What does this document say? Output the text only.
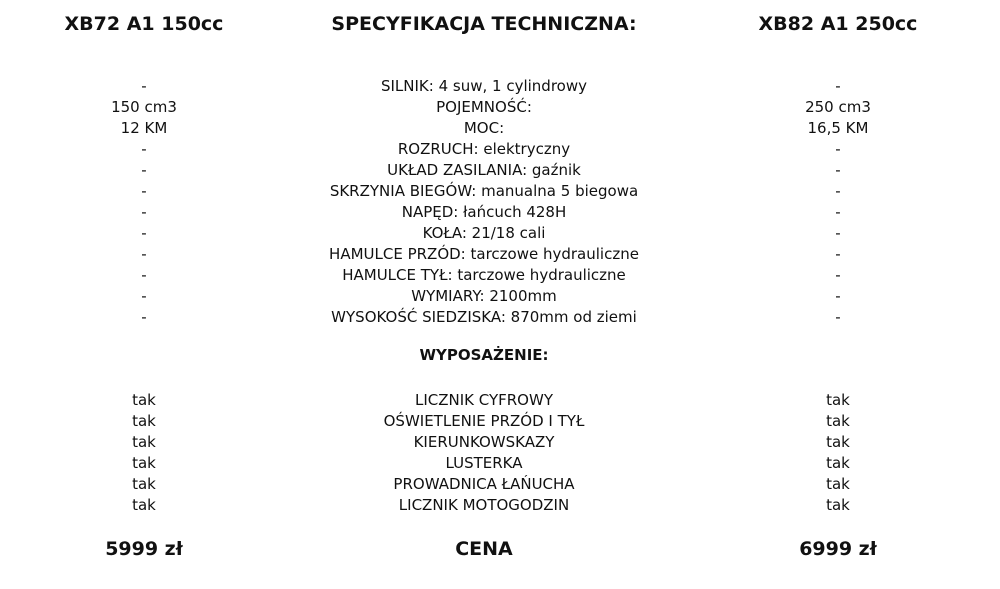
XB72 A1 150cc	SPECYFIKACJA TECHNICZNA:	XB82 A1 250cc
-	SILNIK: 4 suw, 1 cylindrowy	-
150 cm3	POJEMNOŚĆ:	250 cm3
12 KM	MOC:	16,5 KM
-	ROZRUCH: elektryczny	-
-	UKŁAD ZASILANIA: gaźnik	-
-	SKRZYNIA BIEGÓW: manualna 5 biegowa	-
-	NAPĘD: łańcuch 428H	-
-	KOŁA: 21/18 cali	-
-	HAMULCE PRZÓD: tarczowe hydrauliczne	-
-	HAMULCE TYŁ: tarczowe hydrauliczne	-
-	WYMIARY: 2100mm	-
-	WYSOKOŚĆ SIEDZISKA: 870mm od ziemi	-
WYPOSAŻENIE:
tak	LICZNIK CYFROWY	tak
tak	OŚWIETLENIE PRZÓD I TYŁ	tak
tak	KIERUNKOWSKAZY	tak
tak	LUSTERKA	tak
tak	PROWADNICA ŁAŃUCHA	tak
tak	LICZNIK MOTOGODZIN	tak
5999 zł	CENA	6999 zł
